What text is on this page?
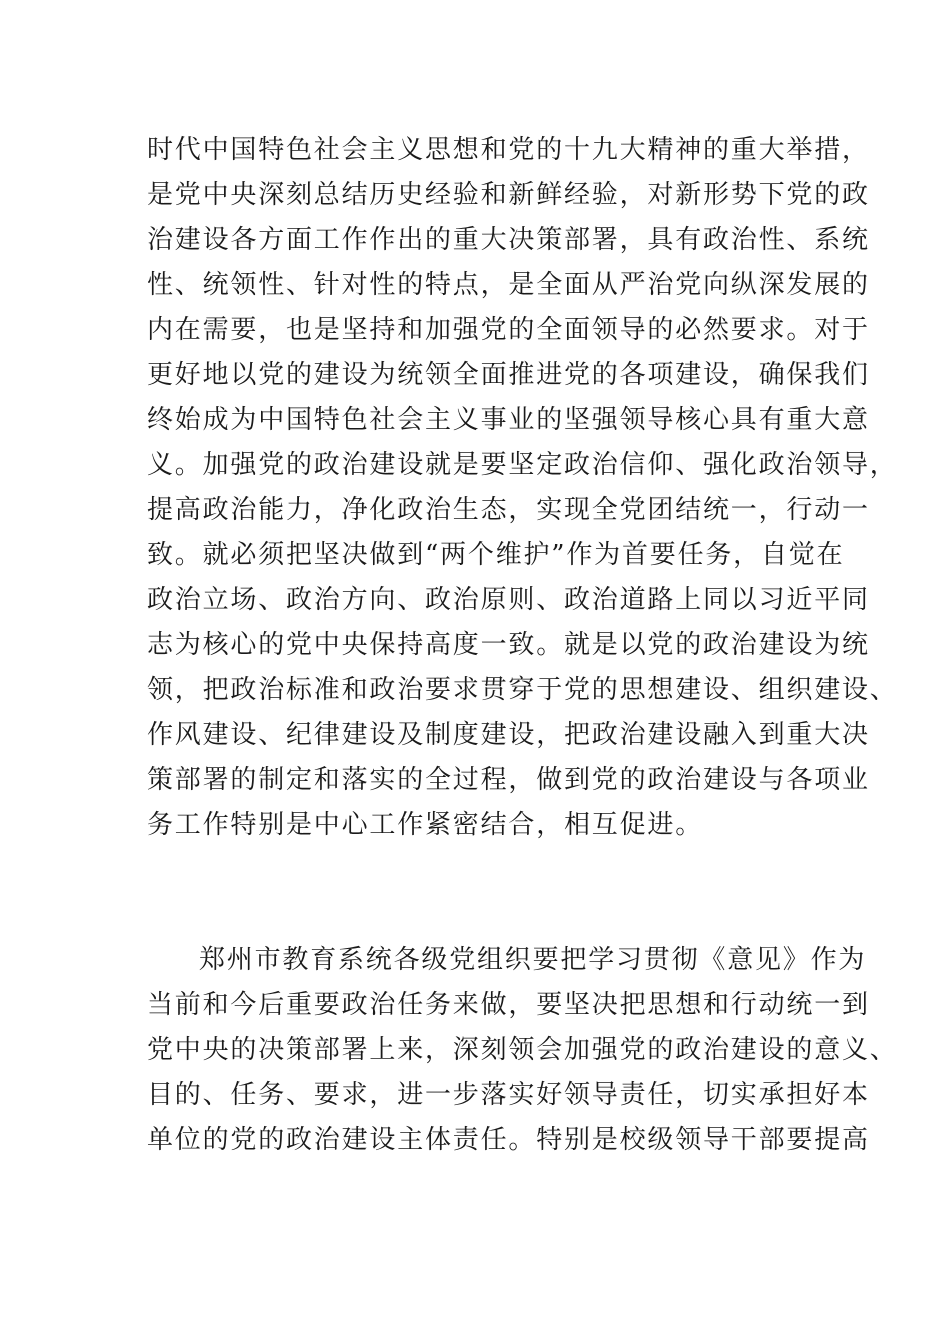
时代中国特色社会主义思想和党的十九大精神的重大举措，
是党中央深刻总结历史经验和新鲜经验，对新形势下党的政
治建设各方面工作作出的重大决策部署，具有政治性、系统
性、统领性、针对性的特点，是全面从严治党向纵深发展的
内在需要，也是坚持和加强党的全面领导的必然要求。对于
更好地以党的建设为统领全面推进党的各项建设，确保我们
终始成为中国特色社会主义事业的坚强领导核心具有重大意
义。加强党的政治建设就是要坚定政治信仰、强化政治领导，
提高政治能力，净化政治生态，实现全党团结统一，行动一
致。就必须把坚决做到“两个维护”作为首要任务，自觉在
政治立场、政治方向、政治原则、政治道路上同以习近平同
志为核心的党中央保持高度一致。就是以党的政治建设为统
领，把政治标准和政治要求贯穿于党的思想建设、组织建设、
作风建设、纪律建设及制度建设，把政治建设融入到重大决
策部署的制定和落实的全过程，做到党的政治建设与各项业
务工作特别是中心工作紧密结合，相互促进。
郑州市教育系统各级党组织要把学习贯彻《意见》作为
当前和今后重要政治任务来做，要坚决把思想和行动统一到
党中央的决策部署上来，深刻领会加强党的政治建设的意义、
目的、任务、要求，进一步落实好领导责任，切实承担好本
单位的党的政治建设主体责任。特别是校级领导干部要提高
